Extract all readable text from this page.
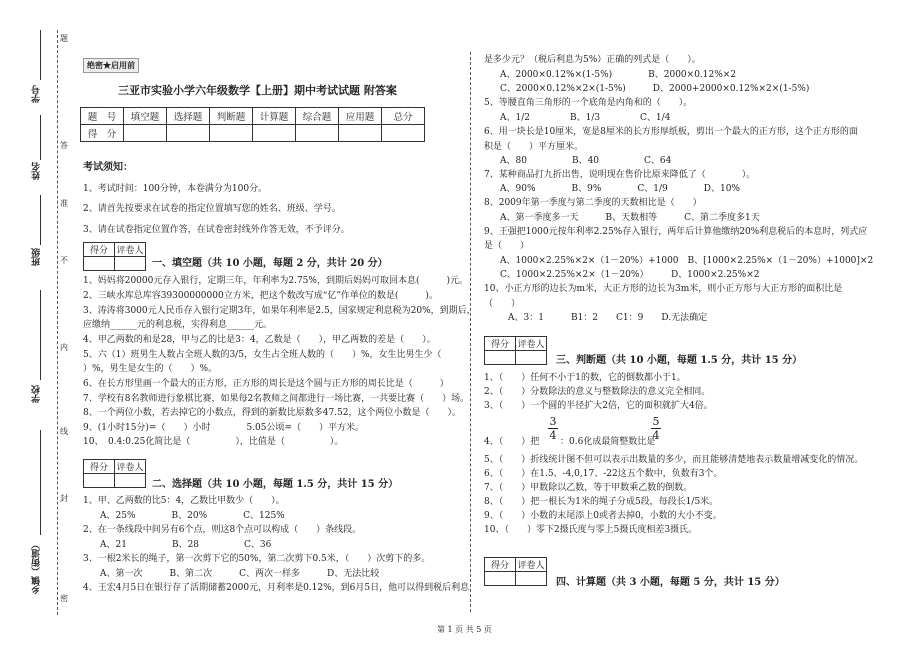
学号
姓名
班级
学校
乡镇（街道）
题
答
准
不
内
线
封
密
绝密★启用前
三亚市实验小学六年级数学【上册】期中考试试题 附答案
题　号	填空题	选择题	判断题	计算题	综合题	应用题	总分
得　分							
考试须知：
1、考试时间：100分钟，本卷满分为100分。
2、请首先按要求在试卷的指定位置填写您的姓名、班级、学号。
3、请在试卷指定位置作答，在试卷密封线外作答无效，不予评分。
得分	评卷人

一、填空题（共 10 小题，每题 2 分，共计 20 分）
1、妈妈将20000元存入银行，定期三年，年利率为2.75%，到期后妈妈可取回本息(　　　)元。
2、三峡水库总库容39300000000立方米，把这个数改写成“亿”作单位的数是(　　　)。
3、涛涛将3000元人民币存入银行定期3年，如果年利率是2.5，国家规定利息税为20%，到期后，
应缴纳______元的利息税，实得利息______元。
4、甲乙两数的和是28，甲与乙的比是3：4，乙数是（　　），甲乙两数的差是（　　）。
5、六（1）班男生人数占全班人数的3/5，女生占全班人数的（　　）%，女生比男生少（　　
）%，男生是女生的（　　）%。
6、在长方形里画一个最大的正方形，正方形的周长是这个圆与正方形的周长比是（　　　）
7、学校有8名教师进行象棋比赛，如果每2名教师之间都进行一场比赛，一共要比赛（　　）场。
8、一个两位小数，若去掉它的小数点，得到的新数比原数多47.52，这个两位小数是（　　）。
9、(1小时15分)=（　　）小时　　　　5.05公顷=（　　）平方米。
10、　0.4:0.25化简比是（　　　　　），比值是（　　　　　）。
得分	评卷人

二、选择题（共 10 小题，每题 1.5 分，共计 15 分）
1、甲、乙两数的比5：4，乙数比甲数少（　　）。
A、25%　　　　B、20%　　　　C、125%
2、在一条线段中间另有6个点，则这8个点可以构成（　　）条线段。
A、21　　　　　B、28　　　　　C、36
3、一根2米长的绳子，第一次剪下它的50%，第二次剪下0.5米，（　　）次剪下的多。
A、第一次　　　B、第二次　　　C、两次一样多　　　D、无法比较
4、王宏4月5日在银行存了活期储蓄2000元，月利率是0.12%，到6月5日，他可以得到税后利息
是多少元？（税后利息为5%）正确的列式是（　　）。
A、2000×0.12%×(1-5%)　　　　B、2000×0.12%×2
C、2000×0.12%×2×(1-5%)　　　D、2000+2000×0.12%×2×(1-5%)
5、等腰直角三角形的一个底角是内角和的（　　）。
A、1/2	B、1/3	C、1/4
6、用一块长是10厘米，宽是8厘米的长方形厚纸板，剪出一个最大的正方形，这个正方形的面
积是（　　）平方厘米。
A、80　　　　　B、40　　　　　C、64
7、某种商品打九折出售，说明现在售价比原来降低了（　　　　）。
A、90%　　　　B、9%　　　　C、1/9　　　　D、10%
8、2009年第一季度与第二季度的天数相比是（　　）
A、第一季度多一天　　　B、天数相等　　　C、第二季度多1天
9、王强把1000元按年利率2.25%存入银行，两年后计算他缴纳20%利息税后的本息时，列式应
是（　　）
A、1000×2.25%×2×（1－20%）+1000　B、[1000×2.25%×（1－20%）+1000]×2
C、1000×2.25%×2×（1－20%）　　　D、1000×2.25%×2
10、小正方形的边长为m米，大正方形的边长为3m米，则小正方形与大正方形的面积比是
（　　）
A、3：1　　　B1：2　　C1：9　　D.无法确定
得分	评卷人

三、判断题（共 10 小题，每题 1.5 分，共计 15 分）
1、（　　）任何不小于1的数，它的倒数都小于1。
2、（　　）分数除法的意义与整数除法的意义完全相同。
3、（　　）一个圆的半径扩大2倍，它的面积就扩大4倍。
4、（　　）把
3
4 ：0.6化成最简整数比是
5
4
5、（　　）折线统计图不但可以表示出数量的多少，而且能够清楚地表示数量增减变化的情况。
6、（　　）在1.5、-4,0,17、-22这五个数中，负数有3个。
7、（　　）甲数除以乙数，等于甲数乘乙数的倒数。
8、（　　）把一根长为1米的绳子分成5段，每段长1/5米。
9、（　　）小数的末尾添上0或者去掉0，小数的大小不变。
10、（　　）零下2摄氏度与零上5摄氏度相差3摄氏。
得分	评卷人

四、计算题（共 3 小题，每题 5 分，共计 15 分）
第 1 页 共 5 页
